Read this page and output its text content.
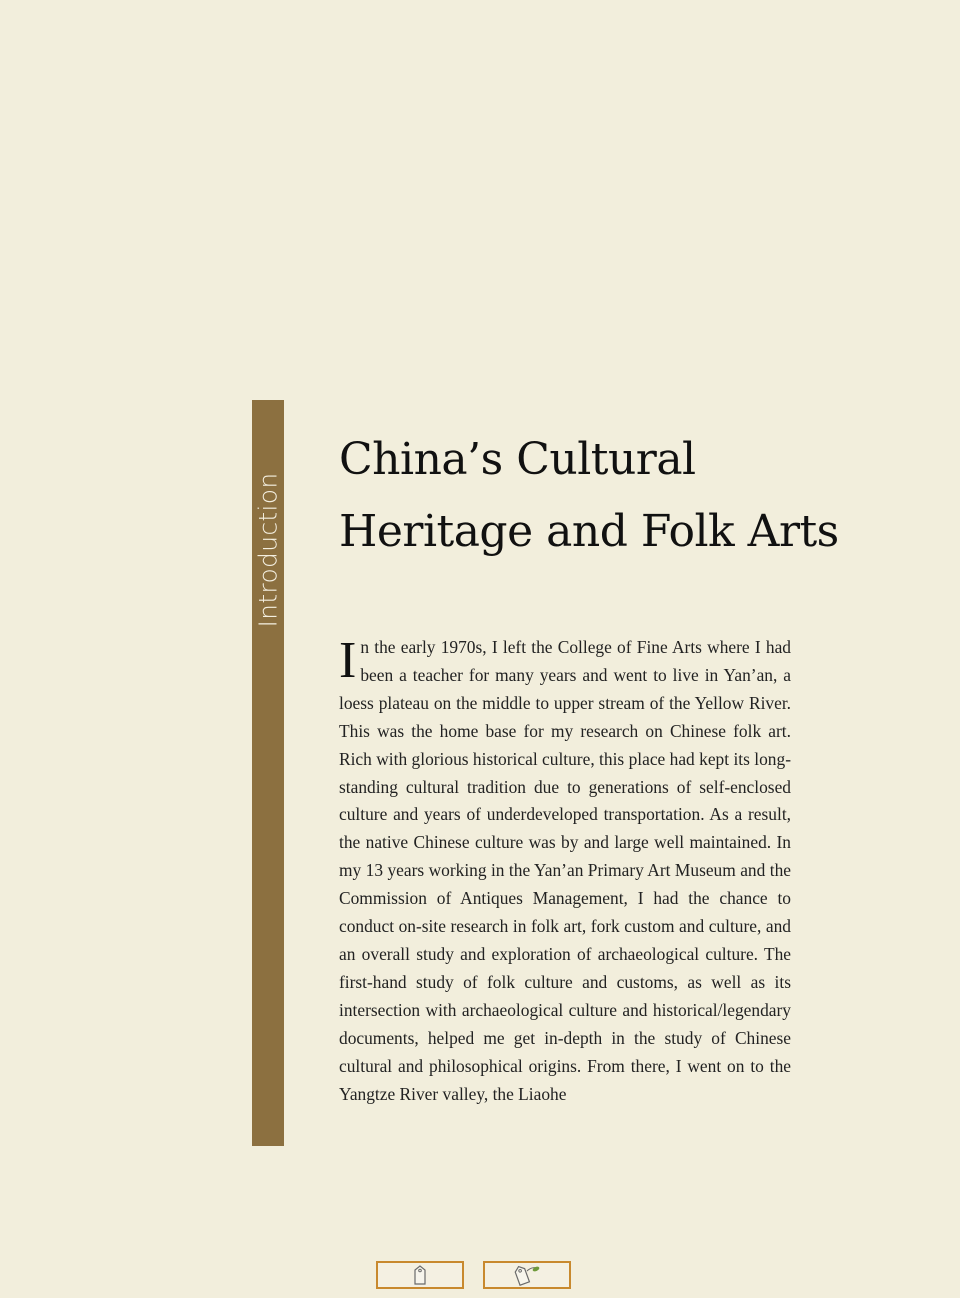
Introduction
China’s Cultural
Heritage and Folk Arts

In the early 1970s, I left the College of Fine Arts where I had been a teacher for many years and went to live in Yan’an, a loess plateau on the middle to upper stream of the Yellow River. This was the home base for my research on Chinese folk art. Rich with glorious historical culture, this place had kept its long-standing cultural tradition due to generations of self-enclosed culture and years of underdeveloped transportation. As a result, the native Chinese culture was by and large well maintained. In my 13 years working in the Yan’an Primary Art Museum and the Commission of Antiques Management, I had the chance to conduct on-site research in folk art, fork custom and culture, and an overall study and exploration of archaeological culture. The first-hand study of folk culture and customs, as well as its intersection with archaeological culture and historical/legendary documents, helped me get in-depth in the study of Chinese cultural and philosophical origins. From there, I went on to the Yangtze River valley, the Liaohe
